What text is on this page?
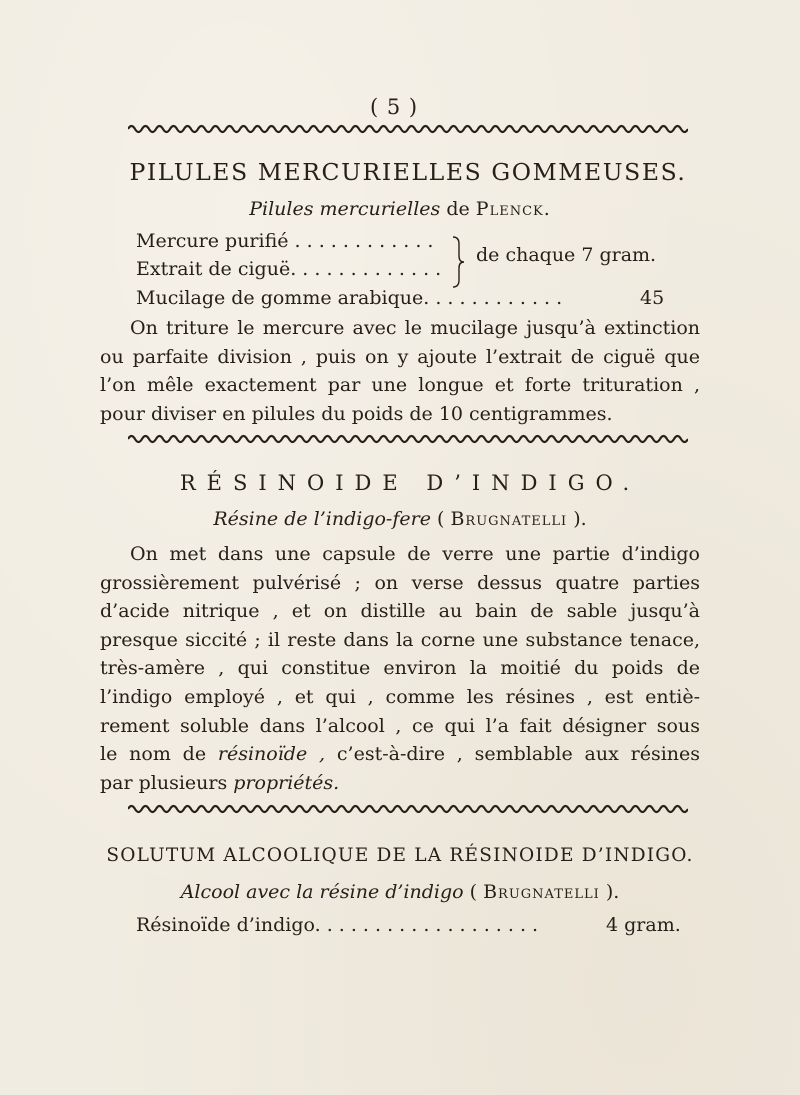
( 5 )
PILULES MERCURIELLES GOMMEUSES.
Pilules mercurielles de Plenck.
Mercure purifié . . . . . . . . . . . .
Extrait de ciguë. . . . . . . . . . . . .
de chaque 7 gram.
Mucilage de gomme arabique. . . . . . . . . . . .	45
On triture le mercure avec le mucilage jusqu’à extinction
ou parfaite division , puis on y ajoute l’extrait de ciguë que
l’on mêle exactement par une longue et forte trituration ,
pour diviser en pilules du poids de 10 centigrammes.
RÉSINOIDE D’INDIGO.
Résine de l’indigo-fere ( Brugnatelli ).
On met dans une capsule de verre une partie d’indigo
grossièrement pulvérisé ; on verse dessus quatre parties
d’acide nitrique , et on distille au bain de sable jusqu’à
presque siccité ; il reste dans la corne une substance tenace,
très-amère , qui constitue environ la moitié du poids de
l’indigo employé , et qui , comme les résines , est entiè-
rement soluble dans l’alcool , ce qui l’a fait désigner sous
le nom de résinoïde , c’est-à-dire , semblable aux résines
par plusieurs propriétés.
SOLUTUM ALCOOLIQUE DE LA RÉSINOIDE D’INDIGO.
Alcool avec la résine d’indigo ( Brugnatelli ).
Résinoïde d’indigo. . . . . . . . . . . . . . . . . . .	4 gram.
